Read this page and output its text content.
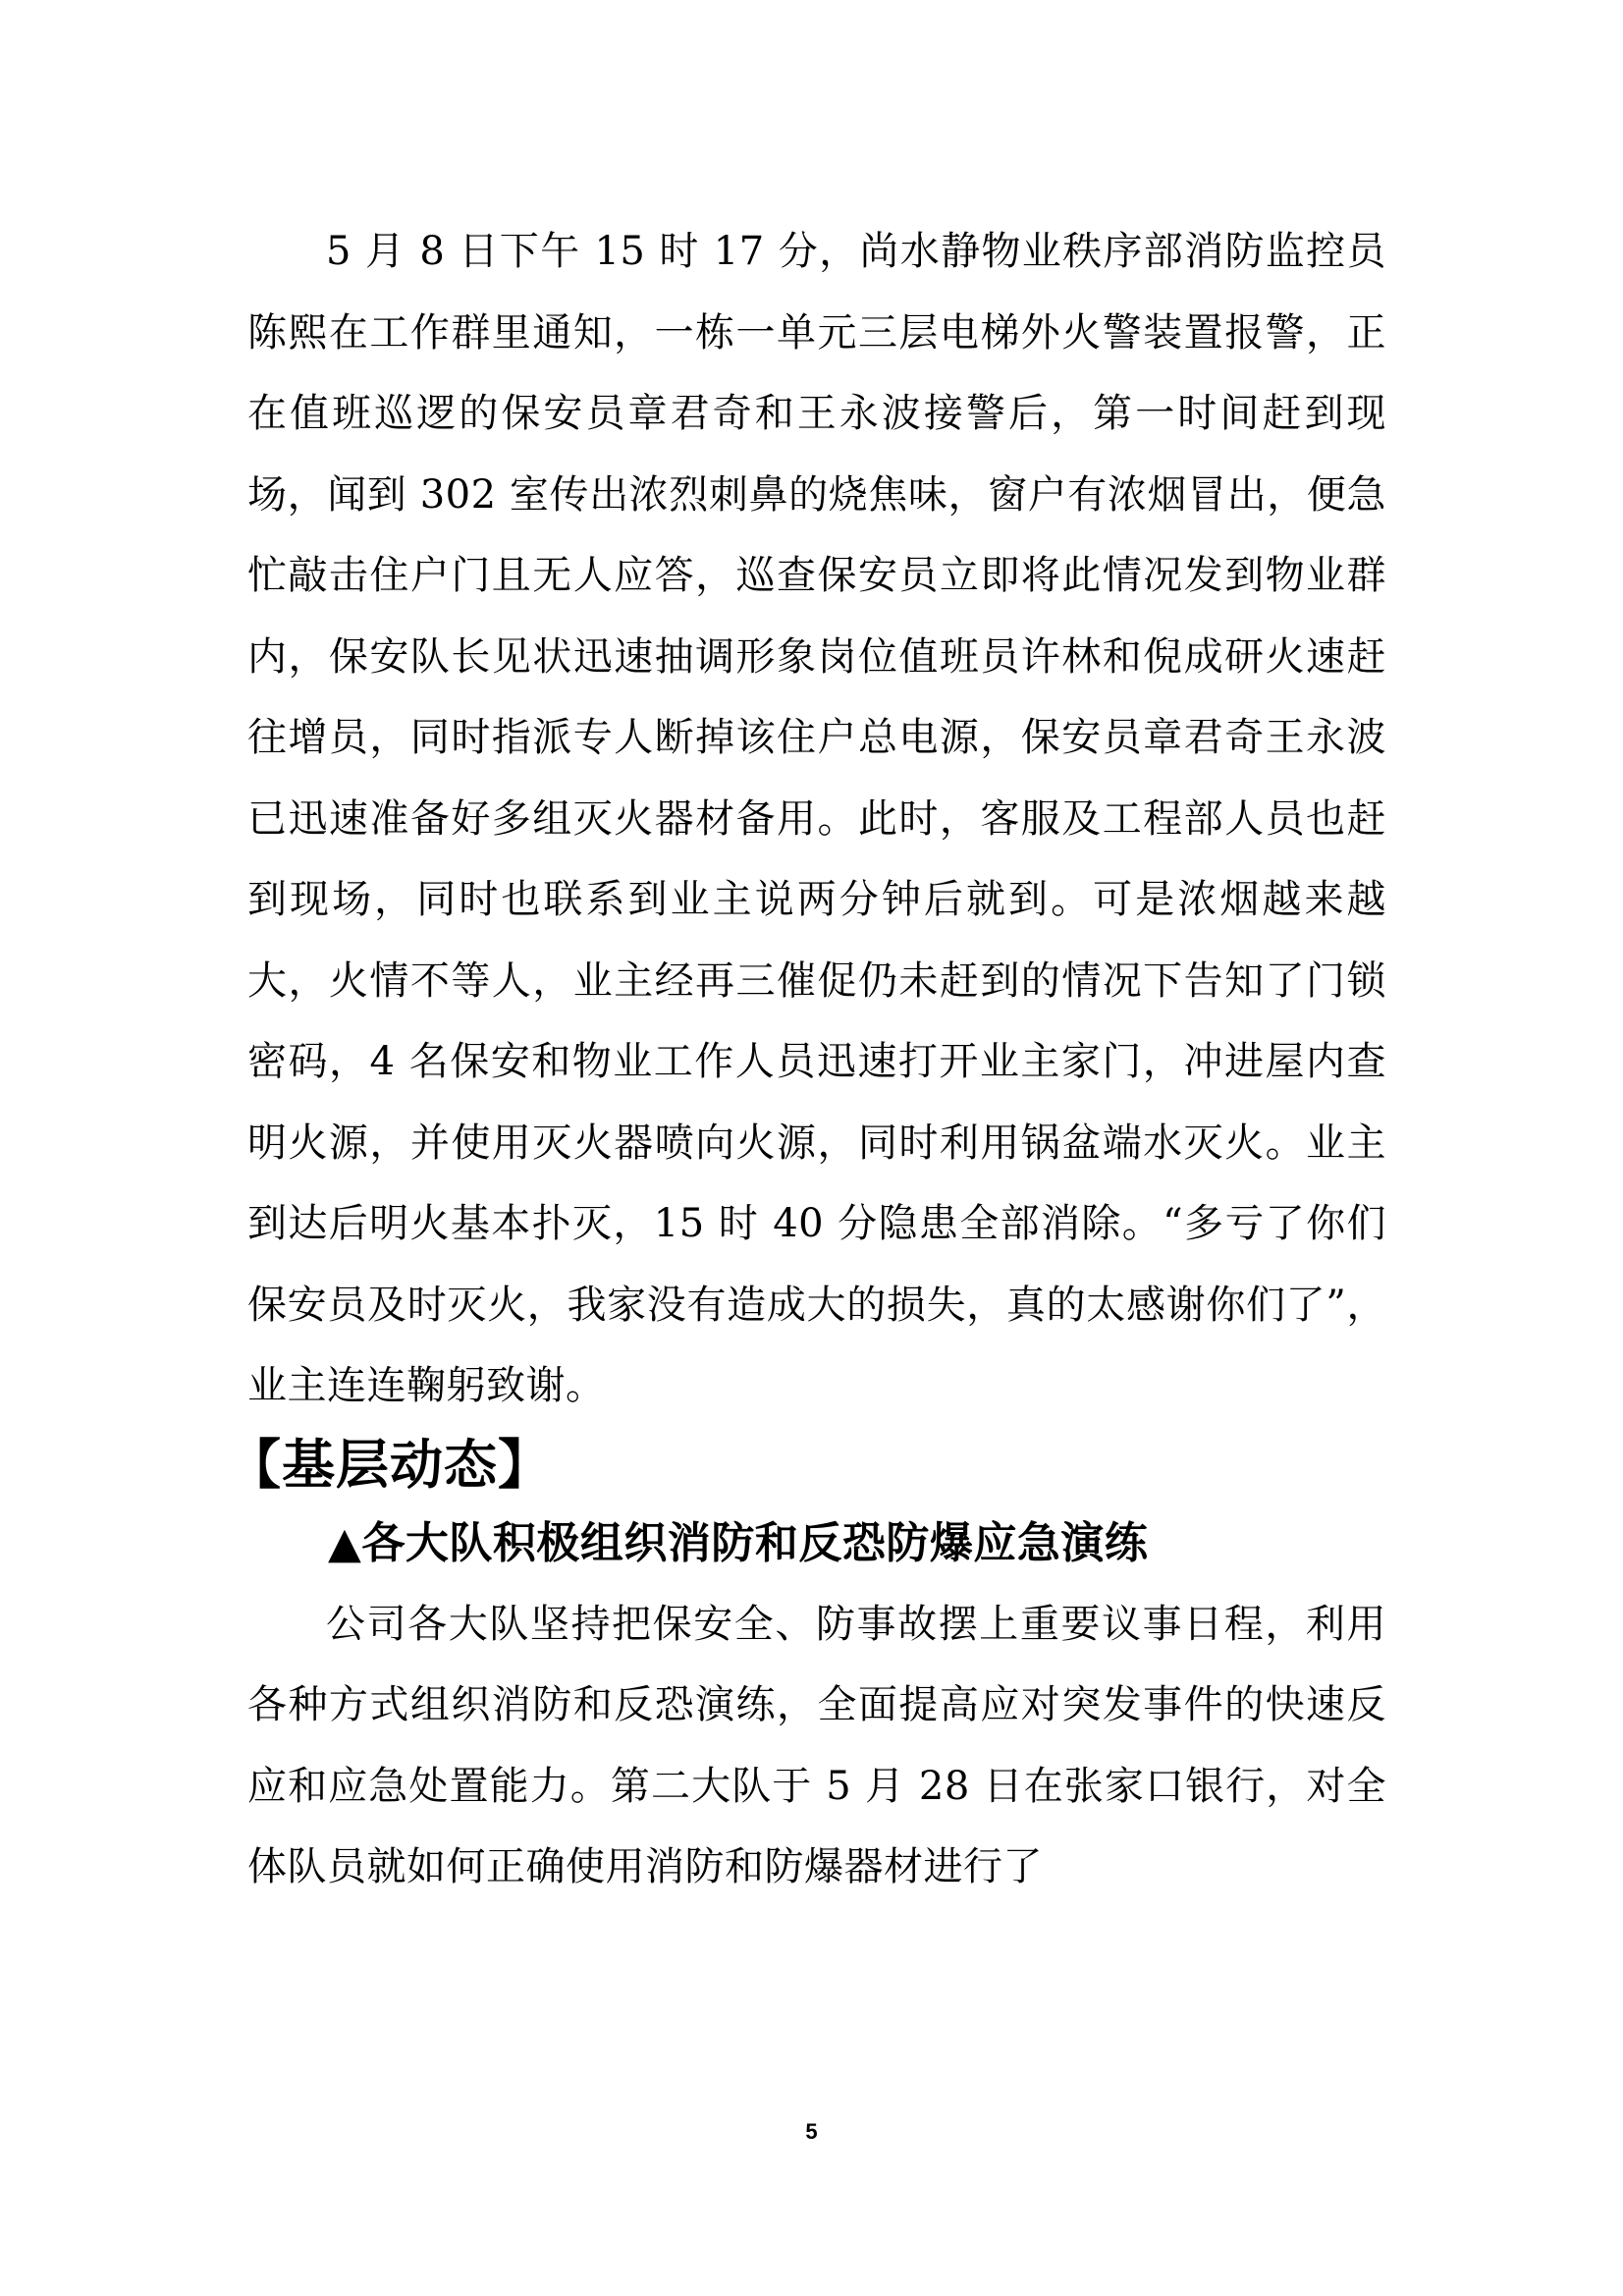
5 月 8 日下午 15 时 17 分，尚水静物业秩序部消防监控员陈熙在工作群里通知，一栋一单元三层电梯外火警装置报警，正在值班巡逻的保安员章君奇和王永波接警后，第一时间赶到现场，闻到 302 室传出浓烈刺鼻的烧焦味，窗户有浓烟冒出，便急忙敲击住户门且无人应答，巡查保安员立即将此情况发到物业群内，保安队长见状迅速抽调形象岗位值班员许林和倪成研火速赶往增员，同时指派专人断掉该住户总电源，保安员章君奇王永波已迅速准备好多组灭火器材备用。此时，客服及工程部人员也赶到现场，同时也联系到业主说两分钟后就到。可是浓烟越来越大，火情不等人，业主经再三催促仍未赶到的情况下告知了门锁密码，4 名保安和物业工作人员迅速打开业主家门，冲进屋内查明火源，并使用灭火器喷向火源，同时利用锅盆端水灭火。业主到达后明火基本扑灭，15 时 40 分隐患全部消除。“多亏了你们保安员及时灭火，我家没有造成大的损失，真的太感谢你们了”，业主连连鞠躬致谢。

【基层动态】
▲各大队积极组织消防和反恐防爆应急演练

公司各大队坚持把保安全、防事故摆上重要议事日程，利用各种方式组织消防和反恐演练，全面提高应对突发事件的快速反应和应急处置能力。第二大队于 5 月 28 日在张家口银行，对全体队员就如何正确使用消防和防爆器材进行了

5
